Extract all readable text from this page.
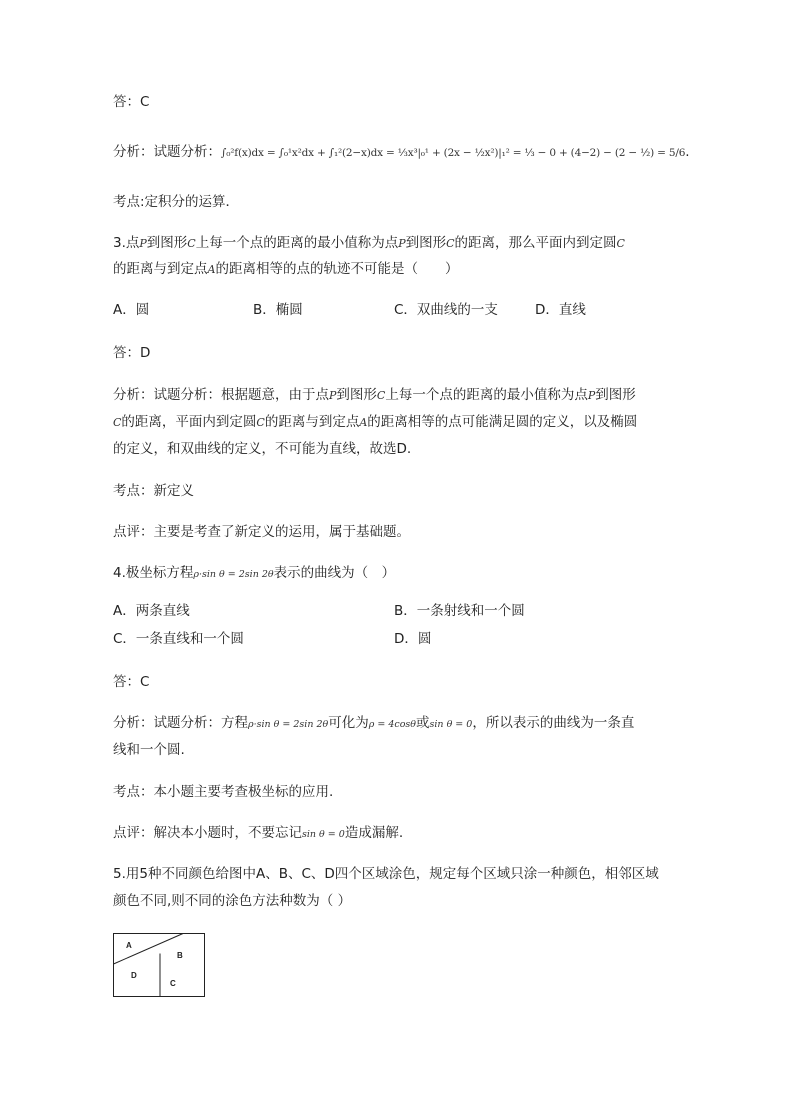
答：C
分析：试题分析：∫₀²f(x)dx = ∫₀¹x²dx + ∫₁²(2−x)dx = ⅓x³|₀¹ + (2x − ½x²)|₁² = ⅓ − 0 + (4−2) − (2 − ½) = 5/6.
考点:定积分的运算．
3.点P到图形C上每一个点的距离的最小值称为点P到图形C的距离，那么平面内到定圆C
的距离与到定点A的距离相等的点的轨迹不可能是（　　）
A．圆	B．椭圆	C．双曲线的一支	D．直线
答：D
分析：试题分析：根据题意，由于点P到图形C上每一个点的距离的最小值称为点P到图形
C的距离，平面内到定圆C的距离与到定点A的距离相等的点可能满足圆的定义，以及椭圆
的定义，和双曲线的定义，不可能为直线，故选D.
考点：新定义
点评：主要是考查了新定义的运用，属于基础题。
4.极坐标方程ρ·sin θ = 2sin 2θ表示的曲线为（　）
A．两条直线	B．一条射线和一个圆
C．一条直线和一个圆	D．圆
答：C
分析：试题分析：方程ρ·sin θ = 2sin 2θ可化为ρ = 4cosθ或sin θ = 0，所以表示的曲线为一条直
线和一个圆.
考点：本小题主要考查极坐标的应用.
点评：解决本小题时，不要忘记sin θ = 0造成漏解.
5.用5种不同颜色给图中A、B、C、D四个区域涂色，规定每个区域只涂一种颜色，相邻区域
颜色不同,则不同的涂色方法种数为（ ）
A
B
C
D
